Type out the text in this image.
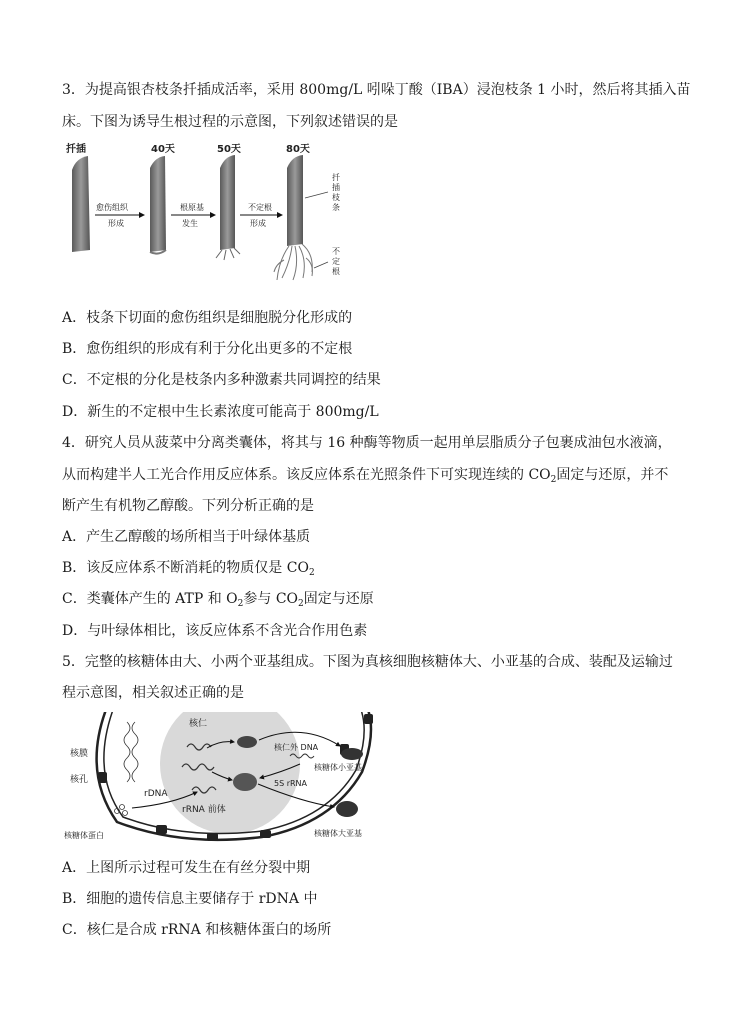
3．为提高银杏枝条扦插成活率，采用 800mg/L 吲哚丁酸（IBA）浸泡枝条 1 小时，然后将其插入苗
床。下图为诱导生根过程的示意图，下列叙述错误的是
扦插	40天	50天	80天
愈伤组织
形成
根原基
发生
不定根
形成
扦
插
枝
条
不
定
根
A．枝条下切面的愈伤组织是细胞脱分化形成的
B．愈伤组织的形成有利于分化出更多的不定根
C．不定根的分化是枝条内多种激素共同调控的结果
D．新生的不定根中生长素浓度可能高于 800mg/L
4．研究人员从菠菜中分离类囊体，将其与 16 种酶等物质一起用单层脂质分子包裹成油包水液滴，
从而构建半人工光合作用反应体系。该反应体系在光照条件下可实现连续的 $CO_2$固定与还原，并不
断产生有机物乙醇酸。下列分析正确的是
A．产生乙醇酸的场所相当于叶绿体基质
B．该反应体系不断消耗的物质仅是 $CO_2$
C．类囊体产生的 ATP 和 $O_2$参与 $CO_2$固定与还原
D．与叶绿体相比，该反应体系不含光合作用色素
5．完整的核糖体由大、小两个亚基组成。下图为真核细胞核糖体大、小亚基的合成、装配及运输过
程示意图，相关叙述正确的是
核仁
核膜
核孔
rDNA
rRNA 前体
核糖体蛋白
核仁外 DNA
5S rRNA
核糖体小亚基
核糖体大亚基
A．上图所示过程可发生在有丝分裂中期
B．细胞的遗传信息主要储存于 rDNA 中
C．核仁是合成 rRNA 和核糖体蛋白的场所
